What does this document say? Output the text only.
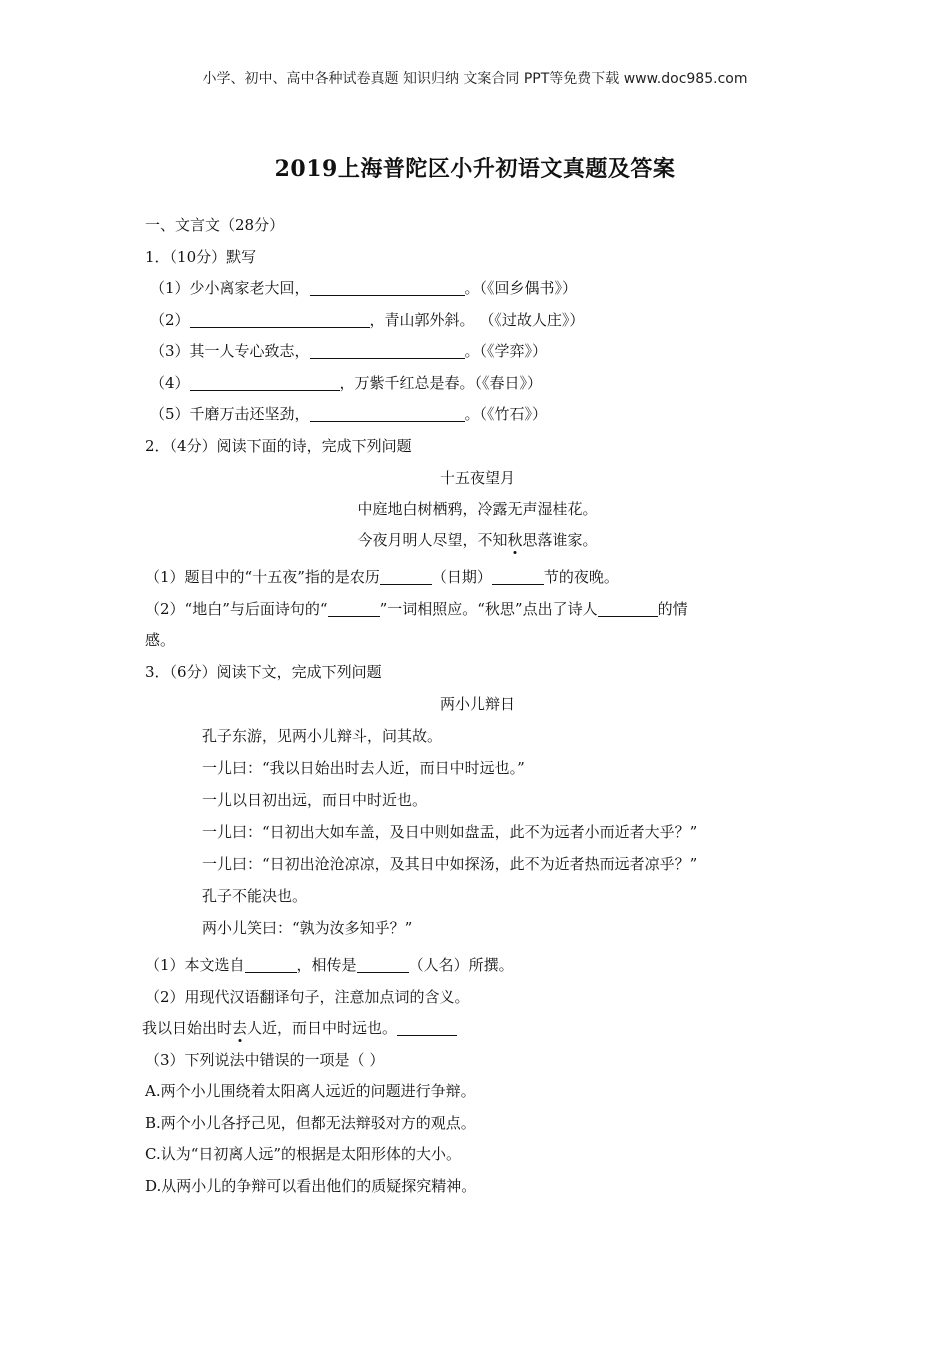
小学、初中、高中各种试卷真题 知识归纳 文案合同 PPT等免费下载 www.doc985.com
2019上海普陀区小升初语文真题及答案
一、文言文（28分）
1．（10分）默写
（1）少小离家老大回，	。（《回乡偶书》）
（2）	，青山郭外斜。 （《过故人庄》）
（3）其一人专心致志，	。（《学弈》）
（4）	，万紫千红总是春。（《春日》）
（5）千磨万击还坚劲，	。（《竹石》）
2．（4分）阅读下面的诗，完成下列问题
十五夜望月
中庭地白树栖鸦，冷露无声湿桂花。
今夜月明人尽望，不知秋思落谁家。
（1）题目中的“十五夜”指的是农历	（日期）	节的夜晚。
（2）“地白”与后面诗句的“	”一词相照应。“秋思”点出了诗人	的情
感。
3．（6分）阅读下文，完成下列问题
两小儿辩日
孔子东游，见两小儿辩斗，问其故。
一儿曰：“我以日始出时去人近，而日中时远也。”
一儿以日初出远，而日中时近也。
一儿曰：“日初出大如车盖，及日中则如盘盂，此不为远者小而近者大乎？”
一儿曰：“日初出沧沧凉凉，及其日中如探汤，此不为近者热而远者凉乎？”
孔子不能决也。
两小儿笑曰：“孰为汝多知乎？”
（1）本文选自	，相传是	（人名）所撰。
（2）用现代汉语翻译句子，注意加点词的含义。
我以日始出时去人近，而日中时远也。
（3）下列说法中错误的一项是（ ）
A.两个小儿围绕着太阳离人远近的问题进行争辩。
B.两个小儿各抒己见，但都无法辩驳对方的观点。
C.认为“日初离人远”的根据是太阳形体的大小。
D.从两小儿的争辩可以看出他们的质疑探究精神。
